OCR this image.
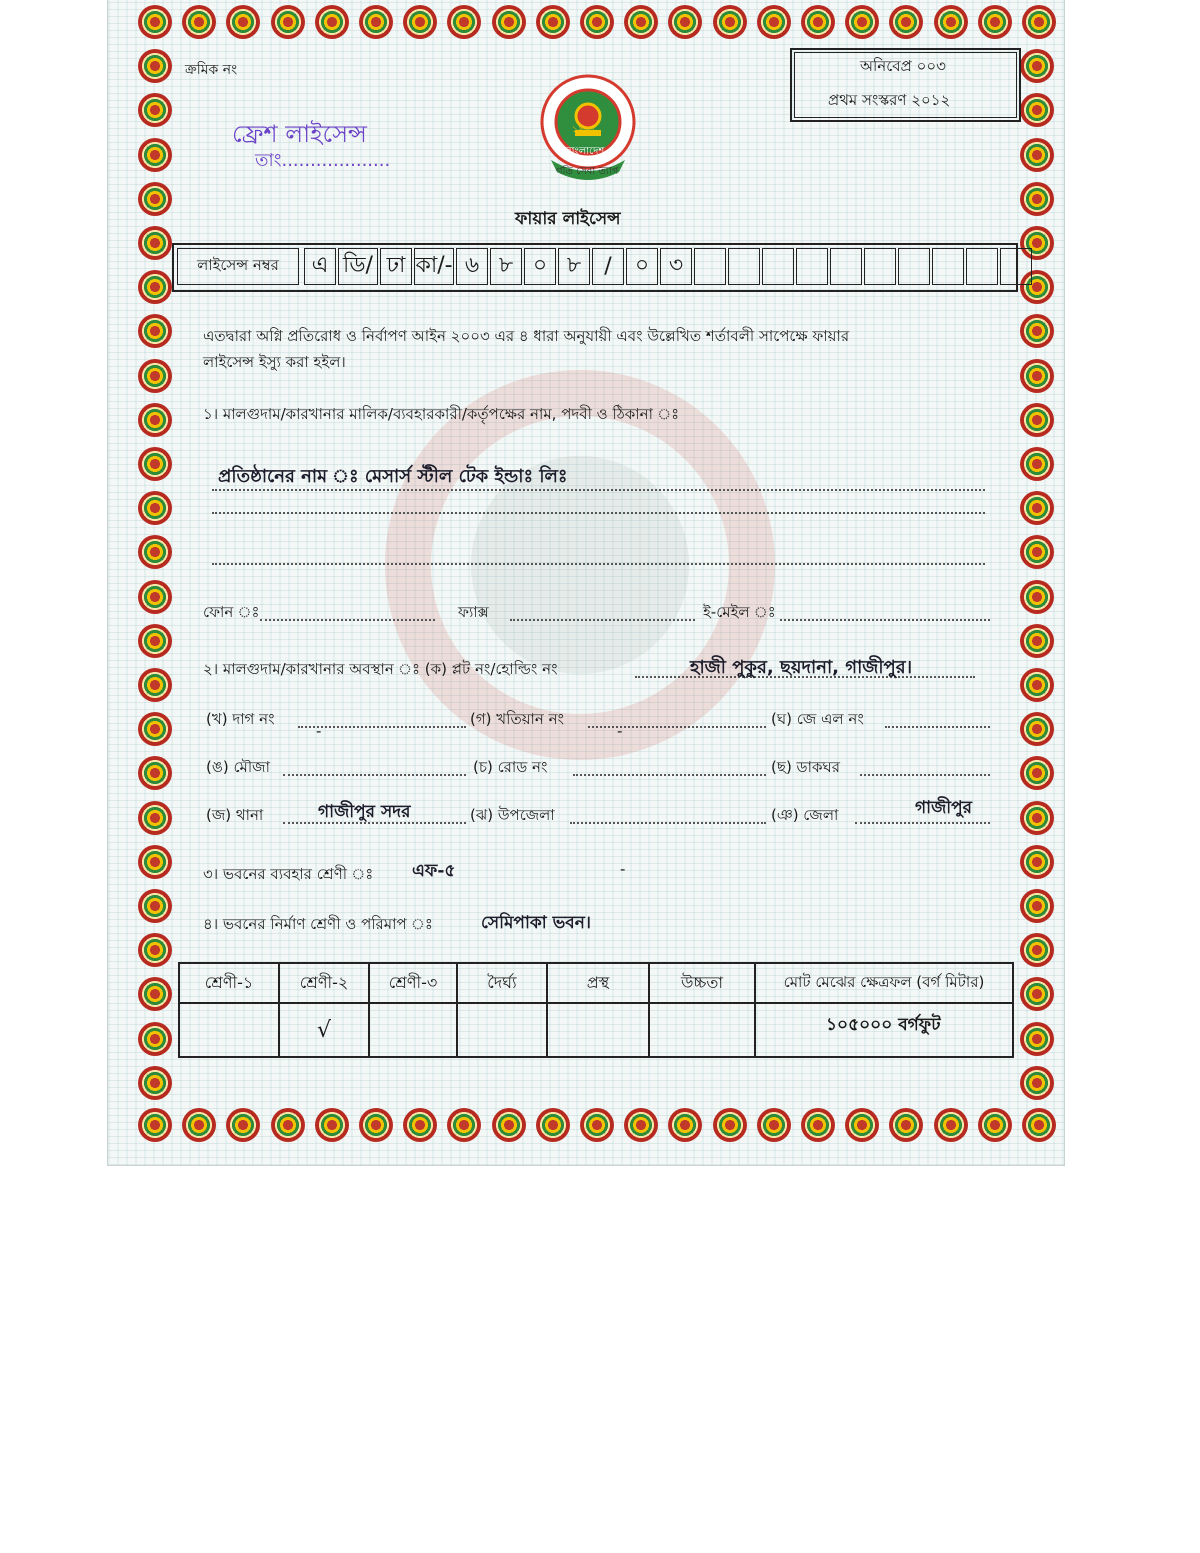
ক্রমিক নং
বাংলাদেশ
১৯৮২
গতি সেবা ত্যাগ
অনিবেপ্র ০০৩
প্রথম সংস্করণ ২০১২
ফ্রেশ লাইসেন্স
তাং...................
ফায়ার লাইসেন্স
লাইসেন্স নম্বর	এ ডি/ ঢা কা/- ৬ ৮ ০ ৮	/	০ ৩
এতদ্বারা অগ্নি প্রতিরোধ ও নির্বাপণ আইন ২০০৩ এর ৪ ধারা অনুযায়ী এবং উল্লেখিত শর্তাবলী সাপেক্ষে ফায়ার
লাইসেন্স ইস্যু করা হইল।
১। মালগুদাম/কারখানার মালিক/ব্যবহারকারী/কর্তৃপক্ষের নাম, পদবী ও ঠিকানা ঃ
প্রতিষ্ঠানের নাম ঃ মেসার্স স্টীল টেক ইন্ডাঃ লিঃ
ফোন ঃ	ফ্যাক্স	ই-মেইল ঃ
২। মালগুদাম/কারখানার অবস্থান ঃ (ক) প্লট নং/হোল্ডিং নং	হাজী পুকুর, ছয়দানা, গাজীপুর।
(খ) দাগ নং
-
(গ) খতিয়ান নং
-
(ঘ) জে এল নং
(ঙ) মৌজা	(চ) রোড নং	(ছ) ডাকঘর
(জ) থানা	গাজীপুর সদর	(ঝ) উপজেলা	(ঞ) জেলা	গাজীপুর
৩। ভবনের ব্যবহার শ্রেণী ঃ এফ-৫	-
৪। ভবনের নির্মাণ শ্রেণী ও পরিমাপ ঃ	সেমিপাকা ভবন।
শ্রেণী-১	শ্রেণী-২	শ্রেণী-৩	দৈর্ঘ্য	প্রস্থ	উচ্চতা	মোট মেঝের ক্ষেত্রফল (বর্গ মিটার)
	√					১০৫০০০ বর্গফুট
